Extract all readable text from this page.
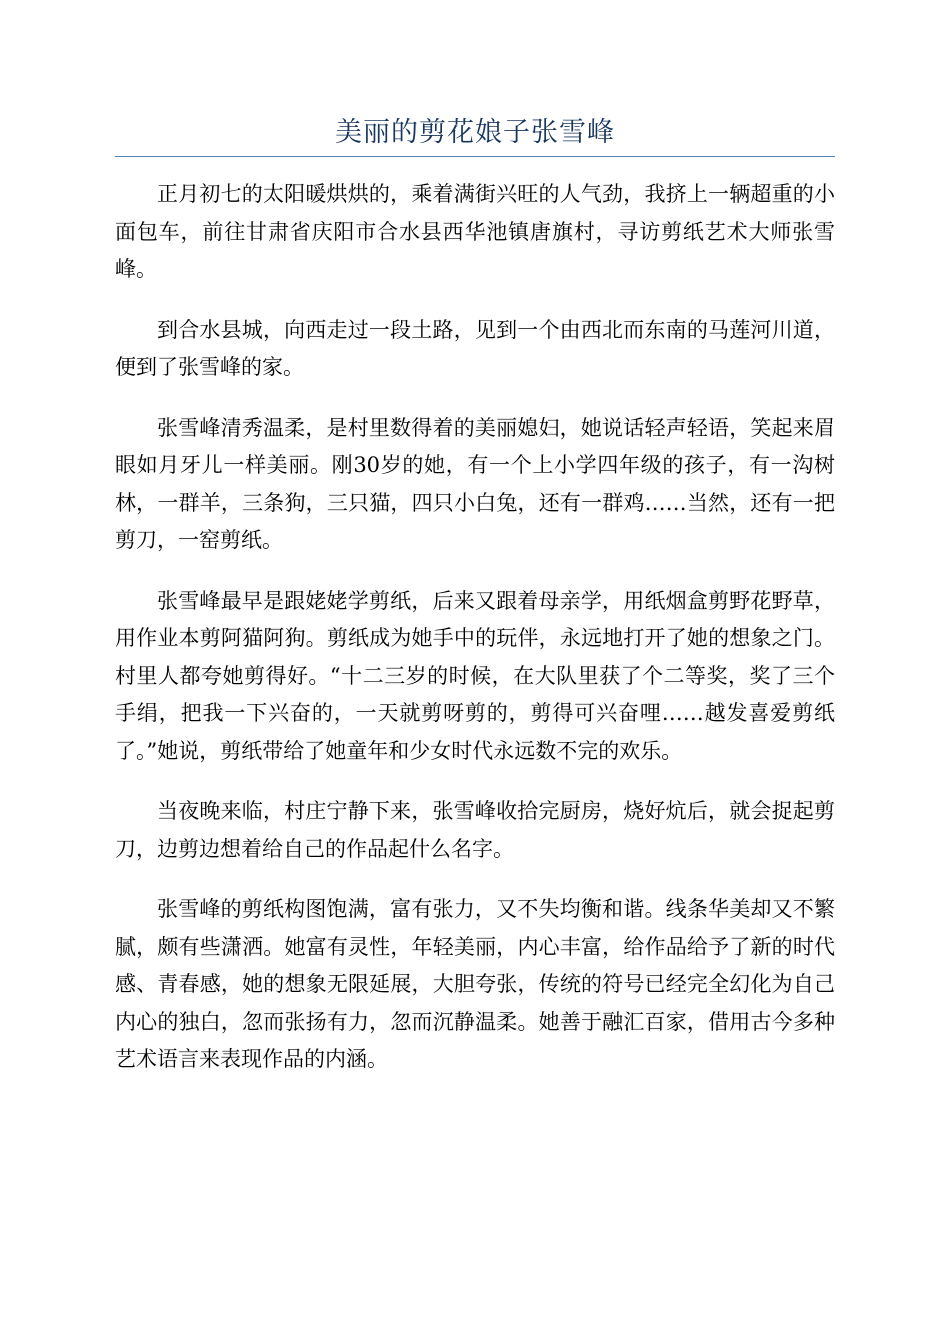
美丽的剪花娘子张雪峰

正月初七的太阳暖烘烘的，乘着满街兴旺的人气劲，我挤上一辆超重的小面包车，前往甘肃省庆阳市合水县西华池镇唐旗村，寻访剪纸艺术大师张雪峰。

到合水县城，向西走过一段土路，见到一个由西北而东南的马莲河川道，便到了张雪峰的家。

张雪峰清秀温柔，是村里数得着的美丽媳妇，她说话轻声轻语，笑起来眉眼如月牙儿一样美丽。刚30岁的她，有一个上小学四年级的孩子，有一沟树林，一群羊，三条狗，三只猫，四只小白兔，还有一群鸡……当然，还有一把剪刀，一窑剪纸。

张雪峰最早是跟姥姥学剪纸，后来又跟着母亲学，用纸烟盒剪野花野草，用作业本剪阿猫阿狗。剪纸成为她手中的玩伴，永远地打开了她的想象之门。村里人都夸她剪得好。“十二三岁的时候，在大队里获了个二等奖，奖了三个手绢，把我一下兴奋的，一天就剪呀剪的，剪得可兴奋哩……越发喜爱剪纸了。”她说，剪纸带给了她童年和少女时代永远数不完的欢乐。

当夜晚来临，村庄宁静下来，张雪峰收拾完厨房，烧好炕后，就会捉起剪刀，边剪边想着给自己的作品起什么名字。

张雪峰的剪纸构图饱满，富有张力，又不失均衡和谐。线条华美却又不繁腻，颇有些潇洒。她富有灵性，年轻美丽，内心丰富，给作品给予了新的时代感、青春感，她的想象无限延展，大胆夸张，传统的符号已经完全幻化为自己内心的独白，忽而张扬有力，忽而沉静温柔。她善于融汇百家，借用古今多种艺术语言来表现作品的内涵。
